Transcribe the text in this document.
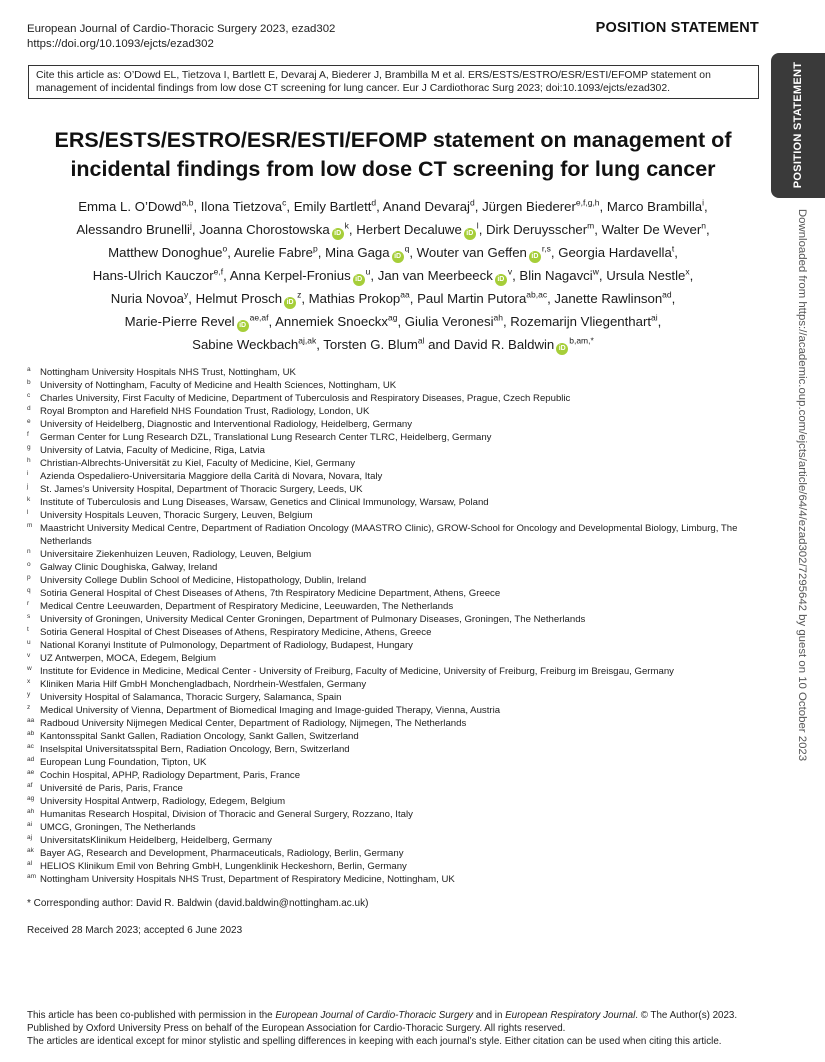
European Journal of Cardio-Thoracic Surgery 2023, ezad302
https://doi.org/10.1093/ejcts/ezad302
POSITION STATEMENT
POSITION STATEMENT
Downloaded from https://academic.oup.com/ejcts/article/64/4/ezad302/7295642 by guest on 10 October 2023
Cite this article as: O’Dowd EL, Tietzova I, Bartlett E, Devaraj A, Biederer J, Brambilla M et al. ERS/ESTS/ESTRO/ESR/ESTI/EFOMP statement on management of incidental findings from low dose CT screening for lung cancer. Eur J Cardiothorac Surg 2023; doi:10.1093/ejcts/ezad302.
ERS/ESTS/ESTRO/ESR/ESTI/EFOMP statement on management of
incidental findings from low dose CT screening for lung cancer
Emma L. O’Dowd$^{a,b}$, Ilona Tietzova$^c$, Emily Bartlett$^d$, Anand Devaraj$^d$, Jürgen Biederer$^{e,f,g,h}$, Marco Brambilla$^i$,
Alessandro Brunelli$^j$, Joanna Chorostowska $iD^k$, Herbert Decaluwe $iD^l$, Dirk Deruysscher$^m$, Walter De Wever$^n$,
Matthew Donoghue$^o$, Aurelie Fabre$^p$, Mina Gaga $iD^q$, Wouter van Geffen iD$^{r,s}$, Georgia Hardavella$^t$,
Hans-Ulrich Kauczor$^{e,f}$, Anna Kerpel-Fronius $iD^u$, Jan van Meerbeeck $iD^v$, Blin Nagavci$^w$, Ursula Nestle$^x$,
Nuria Novoa$^y$, Helmut Prosch $iD^z$, Mathias Prokop$^{aa}$, Paul Martin Putora$^{ab,ac}$, Janette Rawlinson$^{ad}$,
Marie-Pierre Revel $iD^{ae,af}$, Annemiek Snoeckx$^{ag}$, Giulia Veronesi$^{ah}$, Rozemarijn Vliegenthart$^{ai}$,
Sabine Weckbach$^{aj,ak}$, Torsten G. Blum$^{al}$ and David R. Baldwin $iD^{b,am,*}$
a Nottingham University Hospitals NHS Trust, Nottingham, UK
b University of Nottingham, Faculty of Medicine and Health Sciences, Nottingham, UK
c Charles University, First Faculty of Medicine, Department of Tuberculosis and Respiratory Diseases, Prague, Czech Republic
d Royal Brompton and Harefield NHS Foundation Trust, Radiology, London, UK
e University of Heidelberg, Diagnostic and Interventional Radiology, Heidelberg, Germany
f German Center for Lung Research DZL, Translational Lung Research Center TLRC, Heidelberg, Germany
g University of Latvia, Faculty of Medicine, Riga, Latvia
h Christian-Albrechts-Universität zu Kiel, Faculty of Medicine, Kiel, Germany
i Azienda Ospedaliero-Universitaria Maggiore della Carità di Novara, Novara, Italy
j St. James’s University Hospital, Department of Thoracic Surgery, Leeds, UK
k Institute of Tuberculosis and Lung Diseases, Warsaw, Genetics and Clinical Immunology, Warsaw, Poland
l University Hospitals Leuven, Thoracic Surgery, Leuven, Belgium
m Maastricht University Medical Centre, Department of Radiation Oncology (MAASTRO Clinic), GROW-School for Oncology and Developmental Biology, Limburg, The Netherlands
n Universitaire Ziekenhuizen Leuven, Radiology, Leuven, Belgium
o Galway Clinic Doughiska, Galway, Ireland
p University College Dublin School of Medicine, Histopathology, Dublin, Ireland
q Sotiria General Hospital of Chest Diseases of Athens, 7th Respiratory Medicine Department, Athens, Greece
r Medical Centre Leeuwarden, Department of Respiratory Medicine, Leeuwarden, The Netherlands
s University of Groningen, University Medical Center Groningen, Department of Pulmonary Diseases, Groningen, The Netherlands
t Sotiria General Hospital of Chest Diseases of Athens, Respiratory Medicine, Athens, Greece
u National Koranyi Institute of Pulmonology, Department of Radiology, Budapest, Hungary
v UZ Antwerpen, MOCA, Edegem, Belgium
w Institute for Evidence in Medicine, Medical Center - University of Freiburg, Faculty of Medicine, University of Freiburg, Freiburg im Breisgau, Germany
x Kliniken Maria Hilf GmbH Monchengladbach, Nordrhein-Westfalen, Germany
y University Hospital of Salamanca, Thoracic Surgery, Salamanca, Spain
z Medical University of Vienna, Department of Biomedical Imaging and Image-guided Therapy, Vienna, Austria
aa Radboud University Nijmegen Medical Center, Department of Radiology, Nijmegen, The Netherlands
ab Kantonsspital Sankt Gallen, Radiation Oncology, Sankt Gallen, Switzerland
ac Inselspital Universitatsspital Bern, Radiation Oncology, Bern, Switzerland
ad European Lung Foundation, Tipton, UK
ae Cochin Hospital, APHP, Radiology Department, Paris, France
af Université de Paris, Paris, France
ag University Hospital Antwerp, Radiology, Edegem, Belgium
ah Humanitas Research Hospital, Division of Thoracic and General Surgery, Rozzano, Italy
ai UMCG, Groningen, The Netherlands
aj UniversitatsKlinikum Heidelberg, Heidelberg, Germany
ak Bayer AG, Research and Development, Pharmaceuticals, Radiology, Berlin, Germany
al HELIOS Klinikum Emil von Behring GmbH, Lungenklinik Heckeshorn, Berlin, Germany
am Nottingham University Hospitals NHS Trust, Department of Respiratory Medicine, Nottingham, UK
* Corresponding author: David R. Baldwin (david.baldwin@nottingham.ac.uk)
Received 28 March 2023; accepted 6 June 2023
This article has been co-published with permission in the European Journal of Cardio-Thoracic Surgery and in European Respiratory Journal. © The Author(s) 2023.
Published by Oxford University Press on behalf of the European Association for Cardio-Thoracic Surgery. All rights reserved.
The articles are identical except for minor stylistic and spelling differences in keeping with each journal’s style. Either citation can be used when citing this article.
